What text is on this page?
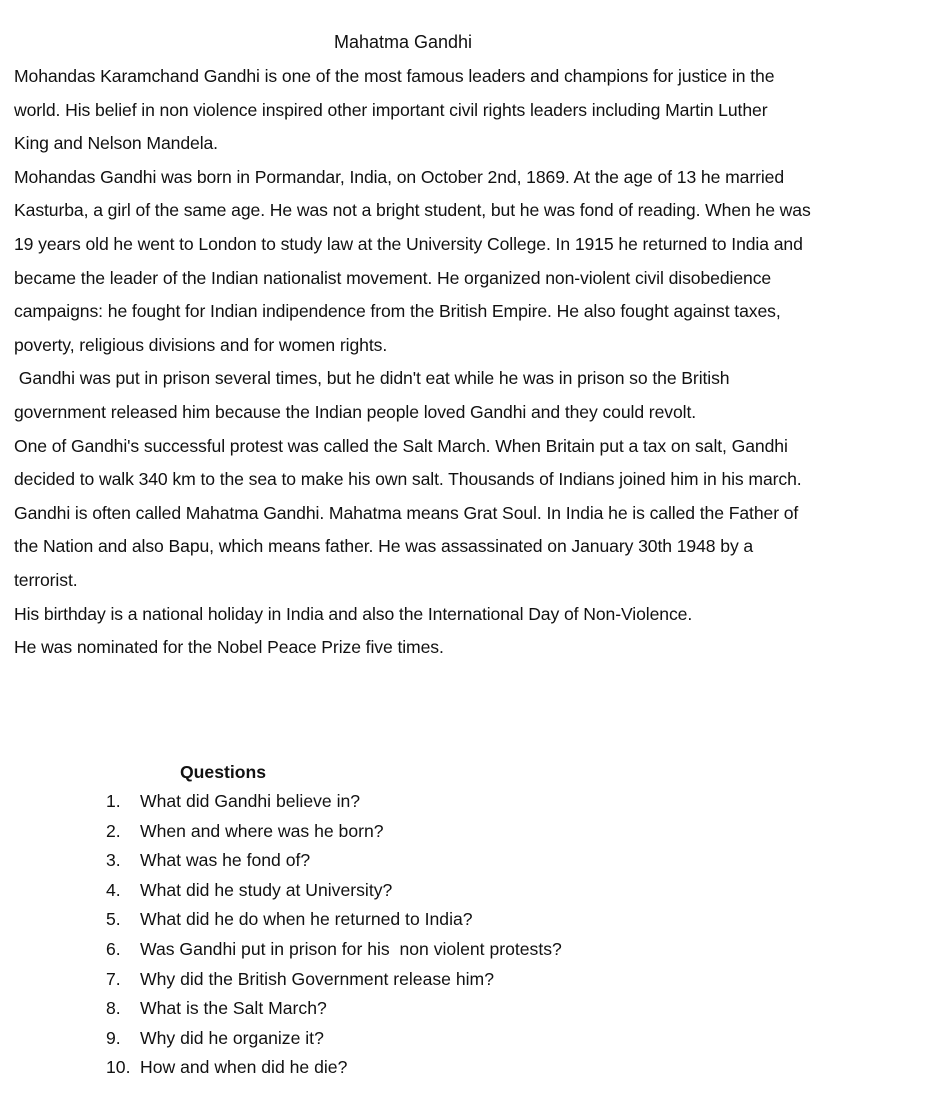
Mahatma Gandhi
Mohandas Karamchand Gandhi is one of the most famous leaders and champions for justice in the
world. His belief in non violence inspired other important civil rights leaders including Martin Luther
King and Nelson Mandela.
Mohandas Gandhi was born in Pormandar, India, on October 2nd, 1869. At the age of 13 he married
Kasturba, a girl of the same age. He was not a bright student, but he was fond of reading. When he was
19 years old he went to London to study law at the University College. In 1915 he returned to India and
became the leader of the Indian nationalist movement. He organized non-violent civil disobedience
campaigns: he fought for Indian indipendence from the British Empire. He also fought against taxes,
poverty, religious divisions and for women rights.
Gandhi was put in prison several times, but he didn't eat while he was in prison so the British
government released him because the Indian people loved Gandhi and they could revolt.
One of Gandhi's successful protest was called the Salt March. When Britain put a tax on salt, Gandhi
decided to walk 340 km to the sea to make his own salt. Thousands of Indians joined him in his march.
Gandhi is often called Mahatma Gandhi. Mahatma means Grat Soul. In India he is called the Father of
the Nation and also Bapu, which means father. He was assassinated on January 30th 1948 by a
terrorist.
His birthday is a national holiday in India and also the International Day of Non-Violence.
He was nominated for the Nobel Peace Prize five times.
Questions
1.	What did Gandhi believe in?
2.	When and where was he born?
3.	What was he fond of?
4.	What did he study at University?
5.	What did he do when he returned to India?
6.	Was Gandhi put in prison for his  non violent protests?
7.	Why did the British Government release him?
8.	What is the Salt March?
9.	Why did he organize it?
10. How and when did he die?
